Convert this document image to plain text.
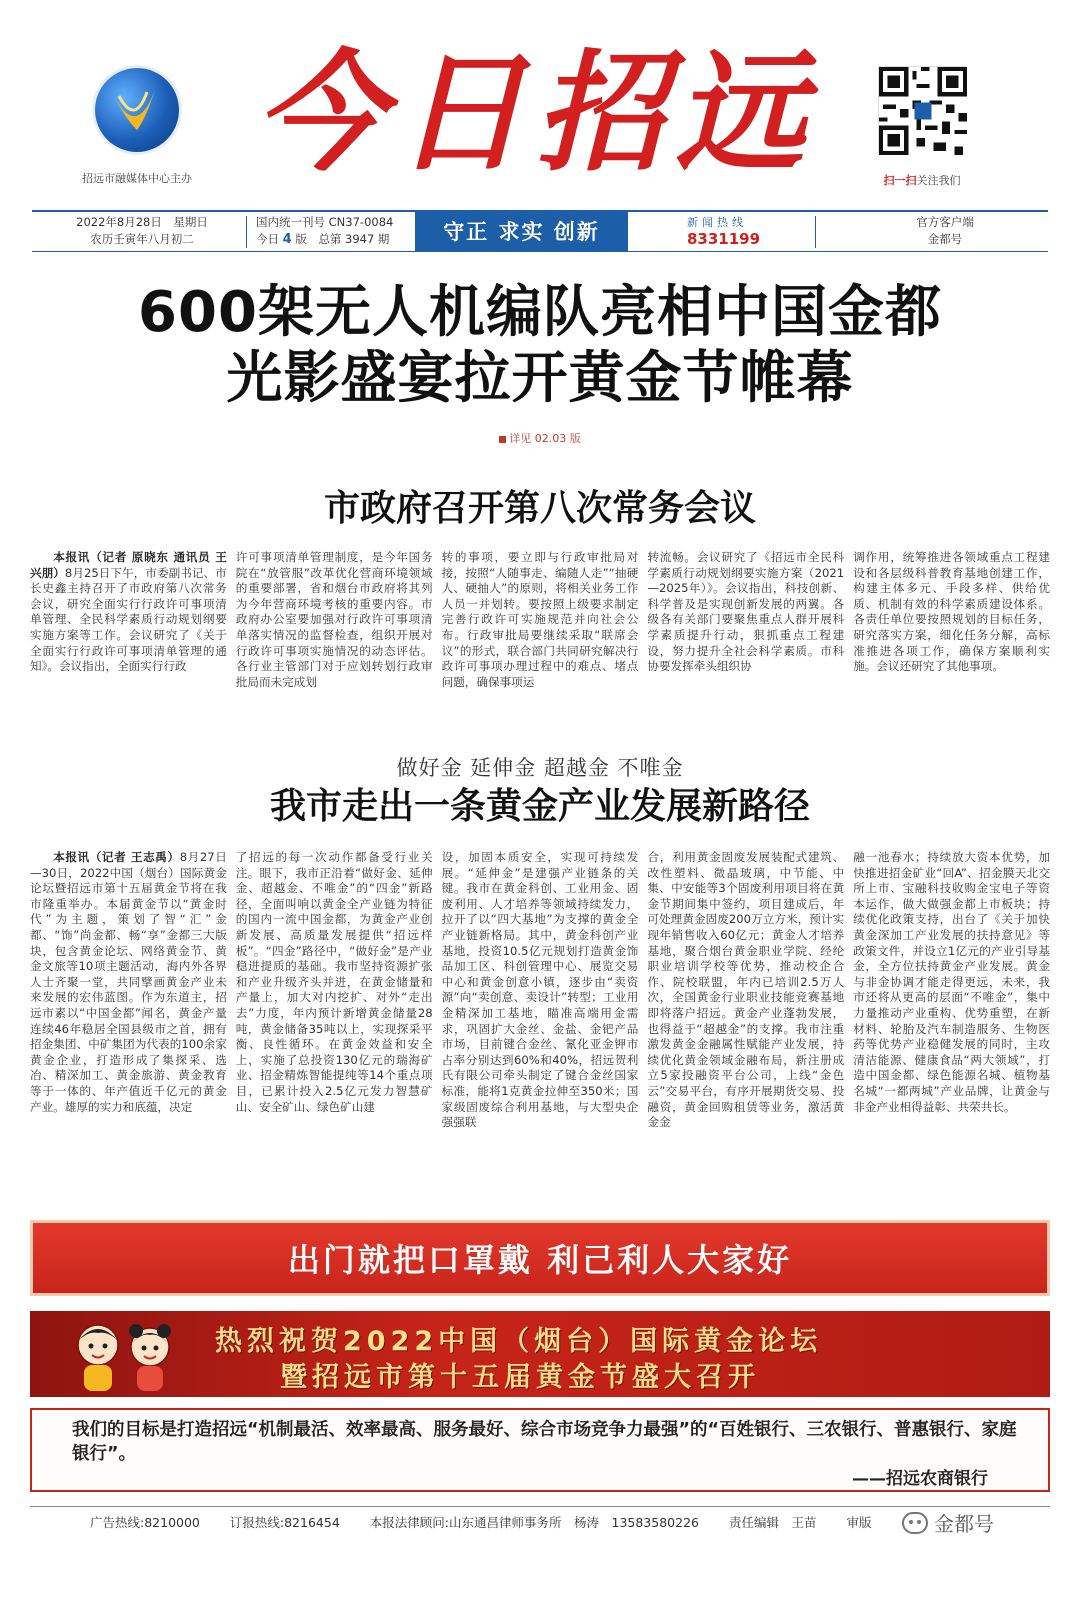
招远市融媒体中心主办 今日招远	扫一扫关注我们
2022年8月28日　星期日
农历壬寅年八月初二
国内统一刊号 CN37-0084
今日 4 版　总第 3947 期	守正 求实 创新	新闻热线
8331199
官方客户端
金都号
600架无人机编队亮相中国金都
光影盛宴拉开黄金节帷幕
详见 02.03 版
市政府召开第八次常务会议

本报讯（记者 原晓东 通讯员 王兴朋）8月25日下午，市委副书记、市长史鑫主持召开了市政府第八次常务会议，研究全面实行行政许可事项清单管理、全民科学素质行动规划纲要实施方案等工作。会议研究了《关于全面实行行政许可事项清单管理的通知》。会议指出，全面实行行政

许可事项清单管理制度，是今年国务院在“放管服”改革优化营商环境领域的重要部署，省和烟台市政府将其列为今年营商环境考核的重要内容。市政府办公室要加强对行政许可事项清单落实情况的监督检查，组织开展对行政许可事项实施情况的动态评估。各行业主管部门对于应划转划行政审批局而未完成划

转的事项，要立即与行政审批局对接，按照“人随事走、编随人走”“抽硬人、硬抽人”的原则，将相关业务工作人员一并划转。要按照上级要求制定完善行政许可实施规范并向社会公布。行政审批局要继续采取“联席会议”的形式，联合部门共同研究解决行政许可事项办理过程中的难点、堵点问题，确保事项运

转流畅。会议研究了《招远市全民科学素质行动规划纲要实施方案（2021—2025年）》。会议指出，科技创新、科学普及是实现创新发展的两翼。各级各有关部门要聚焦重点人群开展科学素质提升行动，狠抓重点工程建设，努力提升全社会科学素质。市科协要发挥牵头组织协

调作用，统筹推进各领域重点工程建设和各层级科普教育基地创建工作，构建主体多元、手段多样、供给优质、机制有效的科学素质建设体系。各责任单位要按照规划的目标任务，研究落实方案，细化任务分解，高标准推进各项工作，确保方案顺利实施。会议还研究了其他事项。

做好金 延伸金 超越金 不唯金
我市走出一条黄金产业发展新路径

本报讯（记者 王志禹）8月27日—30日，2022中国（烟台）国际黄金论坛暨招远市第十五届黄金节将在我市隆重举办。本届黄金节以“黄金时代”为主题，策划了智“汇”金都、“饰”尚金都、畅“享”金都三大版块，包含黄金论坛、网络黄金节、黄金文旅等10项主题活动，海内外各界人士齐聚一堂，共同擘画黄金产业未来发展的宏伟蓝图。作为东道主，招远市素以“中国金都”闻名，黄金产量连续46年稳居全国县级市之首，拥有招金集团、中矿集团为代表的100余家黄金企业，打造形成了集探采、选冶、精深加工、黄金旅游、黄金教育等于一体的、年产值近千亿元的黄金产业。雄厚的实力和底蕴，决定

了招远的每一次动作都备受行业关注。眼下，我市正沿着“做好金、延伸金、超越金、不唯金”的“四金”新路径，全面叫响以黄金全产业链为特征的国内一流中国金都，为黄金产业创新发展、高质量发展提供“招远样板”。“四金”路径中，“做好金”是产业稳进提质的基础。我市坚持资源扩张和产业升级齐头并进，在黄金储量和产量上，加大对内挖扩、对外“走出去”力度，年内预计新增黄金储量28吨，黄金储备35吨以上，实现探采平衡、良性循环。在黄金效益和安全上，实施了总投资130亿元的瑞海矿业、招金精炼智能提纯等14个重点项目，已累计投入2.5亿元发力智慧矿山、安全矿山、绿色矿山建

设，加固本质安全，实现可持续发展。“延伸金”是建强产业链条的关键。我市在黄金科创、工业用金、固废利用、人才培养等领域持续发力，拉开了以“四大基地”为支撑的黄金全产业链新格局。其中，黄金科创产业基地，投资10.5亿元规划打造黄金饰品加工区、科创管理中心、展览交易中心和黄金创意小镇，逐步由“卖资源”向“卖创意、卖设计”转型；工业用金精深加工基地，瞄准高端用金需求，巩固扩大金丝、金盐、金钯产品市场，目前键合金丝、氰化亚金钾市占率分别达到60%和40%，招远贺利氏有限公司牵头制定了键合金丝国家标准，能将1克黄金拉伸至350米；国家级固废综合利用基地，与大型央企强强联

合，利用黄金固废发展装配式建筑、改性塑料、微晶玻璃，中节能、中集、中安能等3个固废利用项目将在黄金节期间集中签约，项目建成后，年可处理黄金固废200万立方米，预计实现年销售收入60亿元；黄金人才培养基地，聚合烟台黄金职业学院、经纶职业培训学校等优势，推动校企合作、院校联盟，年内已培训2.5万人次，全国黄金行业职业技能竞赛基地即将落户招远。黄金产业蓬勃发展，也得益于“超越金”的支撑。我市注重激发黄金金融属性赋能产业发展，持续优化黄金领域金融布局，新注册成立5家投融资平台公司，上线“金色云”交易平台，有序开展期货交易、投融资，黄金回购租赁等业务，激活黄金金

融一池春水；持续放大资本优势，加快推进招金矿业“回A”、招金膜天北交所上市、宝融科技收购金宝电子等资本运作，做大做强金都上市板块；持续优化政策支持，出台了《关于加快黄金深加工产业发展的扶持意见》等政策文件，并设立1亿元的产业引导基金，全方位扶持黄金产业发展。黄金与非金协调才能走得更远，未来，我市还将从更高的层面“不唯金”，集中力量推动产业重构、优势重塑，在新材料、轮胎及汽车制造服务、生物医药等优势产业稳健发展的同时，主攻清洁能源、健康食品“两大领域”，打造中国金都、绿色能源名城、植物基名城“一都两城”产业品牌，让黄金与非金产业相得益彰、共荣共长。

出门就把口罩戴 利己利人大家好
热烈祝贺2022中国（烟台）国际黄金论坛
暨招远市第十五届黄金节盛大召开
我们的目标是打造招远“机制最活、效率最高、服务最好、综合市场竞争力最强”的“百姓银行、三农银行、普惠银行、家庭银行”。
——招远农商银行
广告热线:8210000 订报热线:8216454 本报法律顾问:山东通昌律师事务所　杨涛　13583580226 责任编辑　王苗 审版	金都号
